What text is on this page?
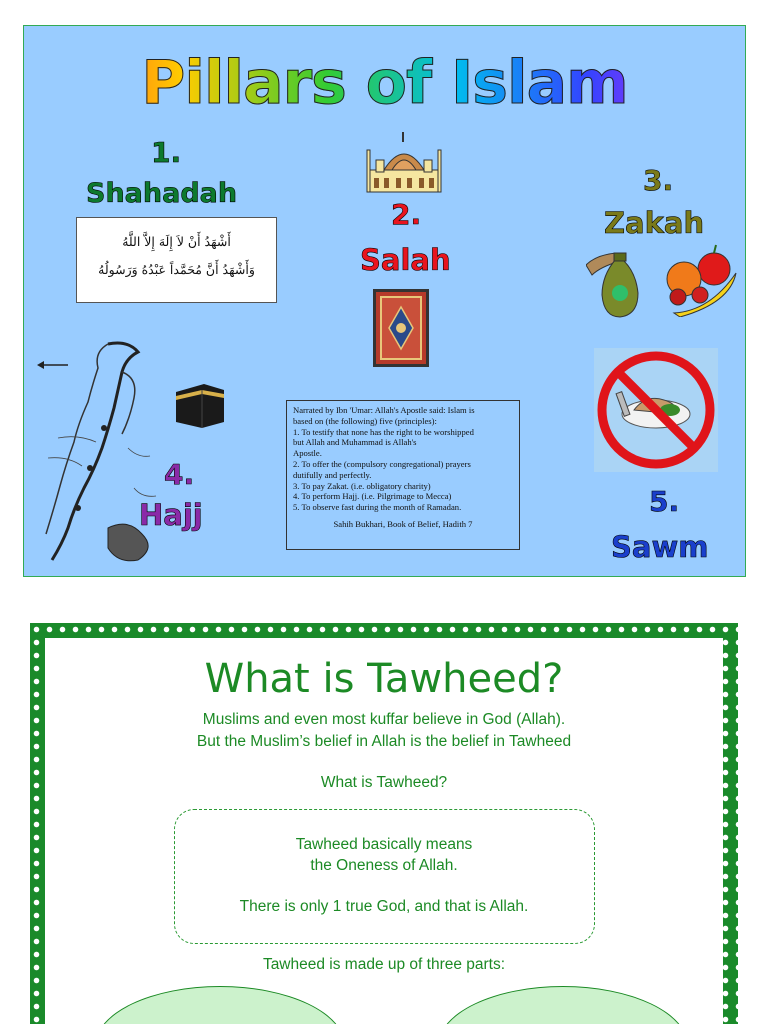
Pillars of Islam
1.
Shahadah
أَشْهَدُ أَنْ لاَ إِلَهَ إِلاَّ اللَّهُ
وَأَشْهَدُ أَنَّ مُحَمَّداً عَبْدُهُ وَرَسُولُهُ
2.
Salah
3.
Zakah
4.
Hajj
Narrated by Ibn 'Umar: Allah's Apostle said: Islam is
based on (the following) five (principles):
1. To testify that none has the right to be worshipped
but Allah and Muhammad is Allah's
Apostle.
2. To offer the (compulsory congregational) prayers
dutifully and perfectly.
3. To pay Zakat. (i.e. obligatory charity)
4. To perform Hajj. (i.e. Pilgrimage to Mecca)
5. To observe fast during the month of Ramadan.
Sahih Bukhari, Book of Belief, Hadith 7
5.
Sawm
What is Tawheed?
Muslims and even most kuffar believe in God (Allah).
But the Muslim’s belief in Allah is the belief in Tawheed
What is Tawheed?
Tawheed basically means
the Oneness of Allah.
There is only 1 true God, and that is Allah.
Tawheed is made up of three parts:
